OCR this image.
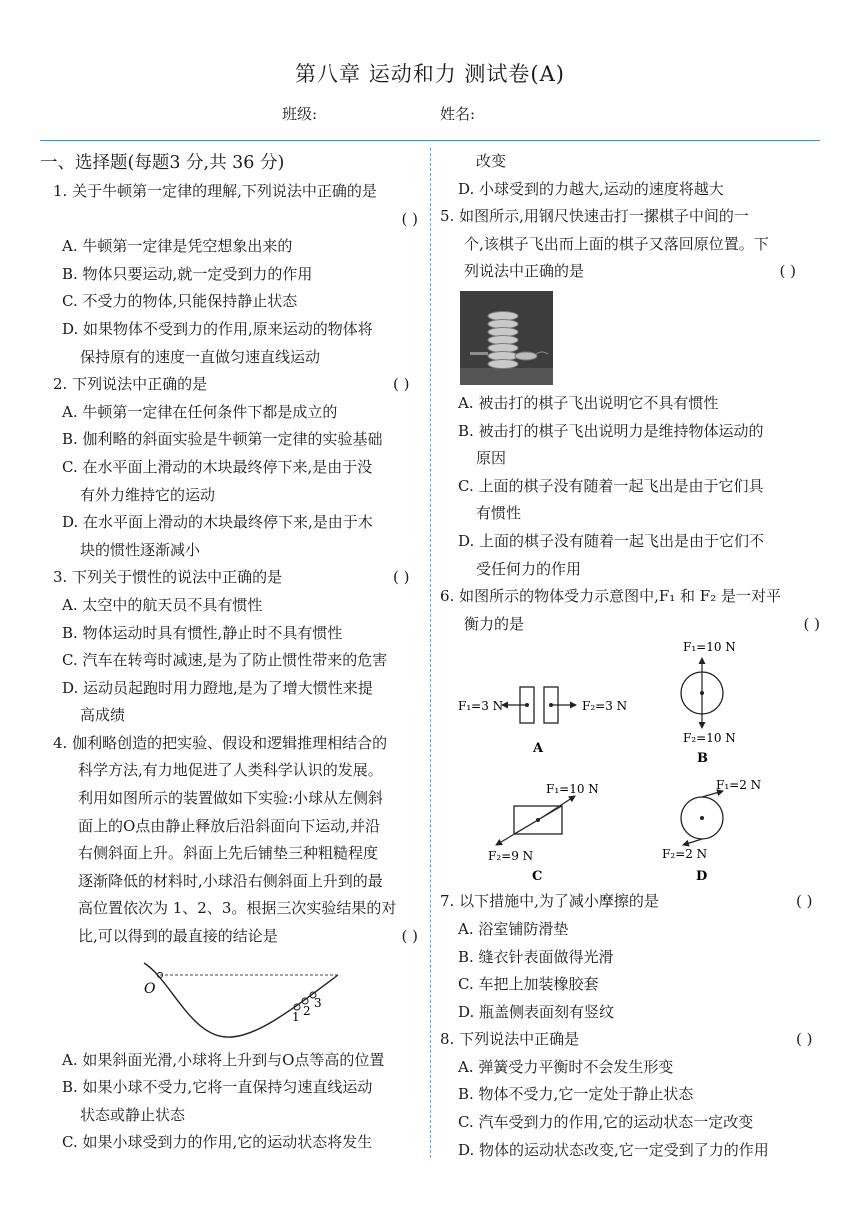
第八章 运动和力 测试卷(A)
班级:	姓名:
一、选择题(每题3 分,共 36 分)

1. 关于牛顿第一定律的理解,下列说法中正确的是

( )

A. 牛顿第一定律是凭空想象出来的

B. 物体只要运动,就一定受到力的作用

C. 不受力的物体,只能保持静止状态

D. 如果物体不受到力的作用,原来运动的物体将

保持原有的速度一直做匀速直线运动

( )
2. 下列说法中正确的是

A. 牛顿第一定律在任何条件下都是成立的

B. 伽利略的斜面实验是牛顿第一定律的实验基础

C. 在水平面上滑动的木块最终停下来,是由于没

有外力维持它的运动

D. 在水平面上滑动的木块最终停下来,是由于木

块的惯性逐渐减小

( )
3. 下列关于惯性的说法中正确的是

A. 太空中的航天员不具有惯性

B. 物体运动时具有惯性,静止时不具有惯性

C. 汽车在转弯时减速,是为了防止惯性带来的危害

D. 运动员起跑时用力蹬地,是为了增大惯性来提

高成绩

4. 伽利略创造的把实验、假设和逻辑推理相结合的

科学方法,有力地促进了人类科学认识的发展。

利用如图所示的装置做如下实验:小球从左侧斜

面上的O点由静止释放后沿斜面向下运动,并沿

右侧斜面上升。斜面上先后铺垫三种粗糙程度

逐渐降低的材料时,小球沿右侧斜面上升到的最

高位置依次为 1、2、3。根据三次实验结果的对

( )
比,可以得到的最直接的结论是

O
1 2
3

A. 如果斜面光滑,小球将上升到与O点等高的位置

B. 如果小球不受力,它将一直保持匀速直线运动

状态或静止状态

C. 如果小球受到力的作用,它的运动状态将发生

改变

D. 小球受到的力越大,运动的速度将越大

5. 如图所示,用钢尺快速击打一摞棋子中间的一

个,该棋子飞出而上面的棋子又落回原位置。下

( )
列说法中正确的是

A. 被击打的棋子飞出说明它不具有惯性

B. 被击打的棋子飞出说明力是维持物体运动的

原因

C. 上面的棋子没有随着一起飞出是由于它们具

有惯性

D. 上面的棋子没有随着一起飞出是由于它们不

受任何力的作用

6. 如图所示的物体受力示意图中,F₁ 和 F₂ 是一对平

( )
衡力的是

F₁=3 N	F₂=3 N
A
F₁=10 N
F₂=10 N
B
F₁=10 N
F₂=9 N
C
F₁=2 N
F₂=2 N
D

( )
7. 以下措施中,为了减小摩擦的是

A. 浴室铺防滑垫

B. 缝衣针表面做得光滑

C. 车把上加装橡胶套

D. 瓶盖侧表面刻有竖纹

( )
8. 下列说法中正确是

A. 弹簧受力平衡时不会发生形变

B. 物体不受力,它一定处于静止状态

C. 汽车受到力的作用,它的运动状态一定改变

D. 物体的运动状态改变,它一定受到了力的作用
